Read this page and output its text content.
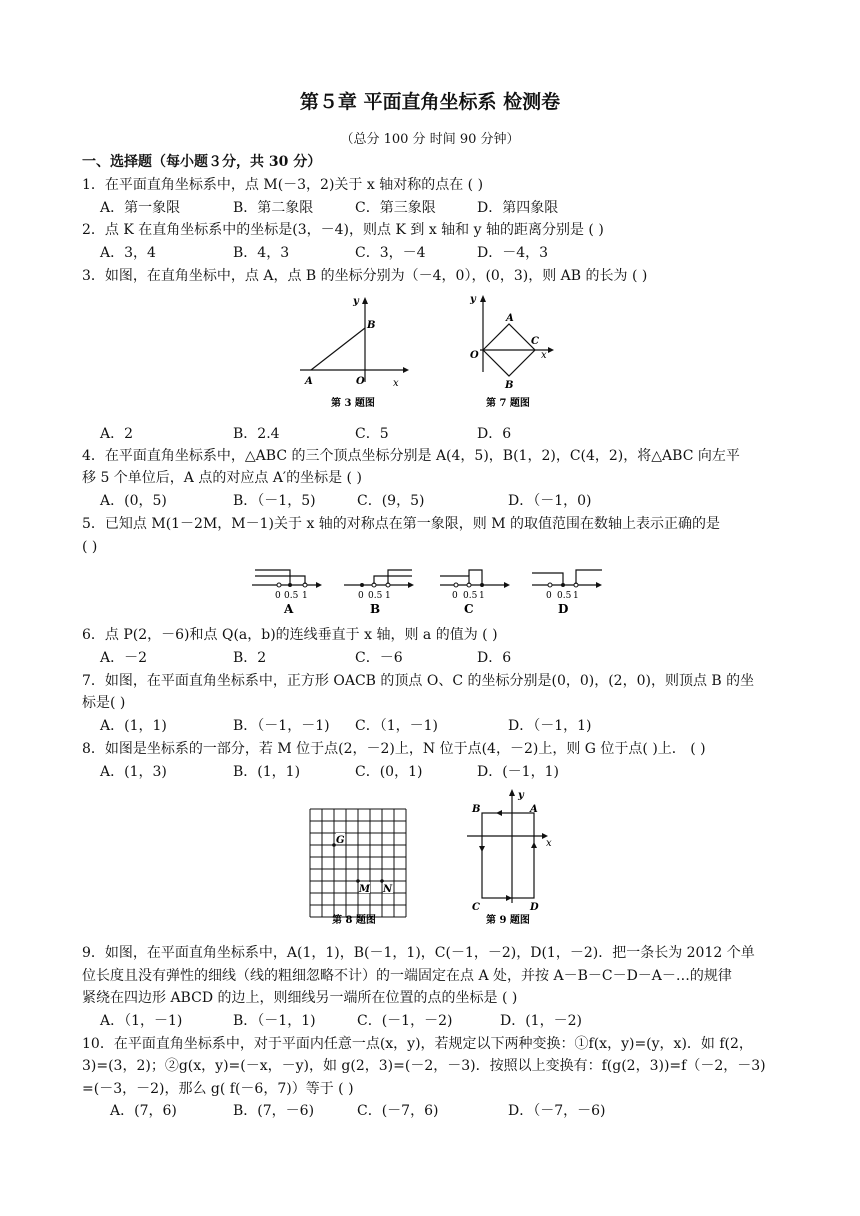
第５章 平面直角坐标系 检测卷
（总分 100 分 时间 90 分钟）
一、选择题（每小题３分，共 30 分）
1．在平面直角坐标系中，点 M(－3，2)关于 x 轴对称的点在 ( )
A．第一象限	B．第二象限	C．第三象限	D．第四象限
2．点 K 在直角坐标系中的坐标是(3，－4)，则点 K 到 x 轴和 y 轴的距离分别是 ( )
A．3，4	B．4，3	C．3，－4	D．－4，3
3．如图，在直角坐标中，点 A，点 B 的坐标分别为（－4，0），(0，3)，则 AB 的长为 ( )
y
B
A	O	x
第 3 题图
y
A
C
O	x
B
第 7 题图
A．2	B．2.4	C．5	D．6
4．在平面直角坐标系中，△ABC 的三个顶点坐标分别是 A(4，5)，B(1，2)，C(4，2)，将△ABC 向左平
移 5 个单位后，A 点的对应点 A′的坐标是 ( )
A．(0，5)	B．（－1，5)	C．(9，5)	D．（－1，0)
5．已知点 M(1－2M，M－1)关于 x 轴的对称点在第一象限，则 M 的取值范围在数轴上表示正确的是
( )
0 0.5 1
A
0 0.5 1
B
0 0.5 1
C
0 0.5 1
D
6．点 P(2，－6)和点 Q(a，b)的连线垂直于 x 轴，则 a 的值为 ( )
A．－2	B．2	C．－6	D．6
7．如图，在平面直角坐标系中，正方形 OACB 的顶点 O、C 的坐标分别是(0，0)，(2，0)，则顶点 B 的坐
标是( )
A．(1，1)	B．（－1，－1) C．（1，－1)	D．（－1，1)
8．如图是坐标系的一部分，若 M 位于点(2，－2)上，N 位于点(4，－2)上，则 G 位于点( )上． ( )
A．(1，3)	B．(1，1)	C．(0，1)	D．(－1，1)
G
M N
第 8 题图
y
B	A
x
C	D
第 9 题图
9．如图，在平面直角坐标系中，A(1，1)，B(－1，1)，C(－1，－2)，D(1，－2)．把一条长为 2012 个单
位长度且没有弹性的细线（线的粗细忽略不计）的一端固定在点 A 处，并按 A－B－C－D－A－…的规律
紧绕在四边形 ABCD 的边上，则细线另一端所在位置的点的坐标是 ( )
A．（1，－1)	B．（－1，1)	C．(－1，－2)	D．(1，－2)
10．在平面直角坐标系中，对于平面内任意一点(x，y)，若规定以下两种变换：①f(x，y)=(y，x)．如 f(2，
3)=(3，2)；②g(x，y)=(－x，－y)，如 g(2，3)=(－2，－3)．按照以上变换有：f(g(2，3))=f（－2，－3)
=(－3，－2)，那么 g( f(－6，7)）等于 ( )
A．(7，6)	B．(7，－6)	C．(－7，6)	D．（－7，－6)
